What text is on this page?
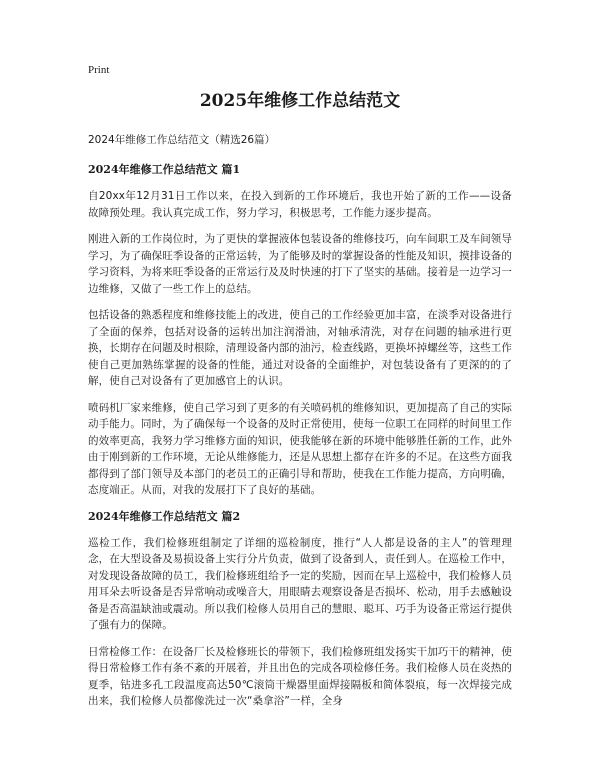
Print
2025年维修工作总结范文
2024年维修工作总结范文（精选26篇）
2024年维修工作总结范文 篇1

自20xx年12月31日工作以来，在投入到新的工作环境后，我也开始了新的工作——设备故障预处理。我认真完成工作，努力学习，积极思考，工作能力逐步提高。

刚进入新的工作岗位时，为了更快的掌握液体包装设备的维修技巧，向车间职工及车间领导学习，为了确保旺季设备的正常运转，为了能够及时的掌握设备的性能及知识，摸排设备的学习资料，为将来旺季设备的正常运行及及时快速的打下了坚实的基础。接着是一边学习一边维修，又做了一些工作上的总结。

包括设备的熟悉程度和维修技能上的改进，使自己的工作经验更加丰富，在淡季对设备进行了全面的保养，包括对设备的运转出加注润滑油，对轴承清洗，对存在问题的轴承进行更换，长期存在问题及时根除，清理设备内部的油污，检查线路，更换坏掉螺丝等，这些工作使自己更加熟练掌握的设备的性能，通过对设备的全面维护，对包装设备有了更深的的了解，使自己对设备有了更加感官上的认识。

喷码机厂家来维修，使自己学习到了更多的有关喷码机的维修知识，更加提高了自己的实际动手能力。同时，为了确保每一个设备的及时正常使用，使每一位职工在同样的时间里工作的效率更高，我努力学习维修方面的知识，使我能够在新的环境中能够胜任新的工作，此外由于刚到新的工作环境，无论从维修能力，还是从思想上都存在许多的不足。在这些方面我都得到了部门领导及本部门的老员工的正确引导和帮助，使我在工作能力提高，方向明确，态度端正。从而，对我的发展打下了良好的基础。

2024年维修工作总结范文 篇2

巡检工作，我们检修班组制定了详细的巡检制度，推行“人人都是设备的主人”的管理理念，在大型设备及易损设备上实行分片负责，做到了设备到人，责任到人。在巡检工作中，对发现设备故障的员工，我们检修班组给予一定的奖励，因而在早上巡检中，我们检修人员用耳朵去听设备是否异常响动或噪音大，用眼睛去观察设备是否损坏、松动，用手去感触设备是否高温缺油或震动。所以我们检修人员用自己的慧眼、聪耳、巧手为设备正常运行提供了强有力的保障。

日常检修工作：在设备厂长及检修班长的带领下，我们检修班组发扬实干加巧干的精神，使得日常检修工作有条不紊的开展着，并且出色的完成各项检修任务。我们检修人员在炎热的夏季，钻进多孔工段温度高达50℃滚筒干燥器里面焊接隔板和简体裂痕，每一次焊接完成出来，我们检修人员都像洗过一次“桑拿浴”一样，全身
